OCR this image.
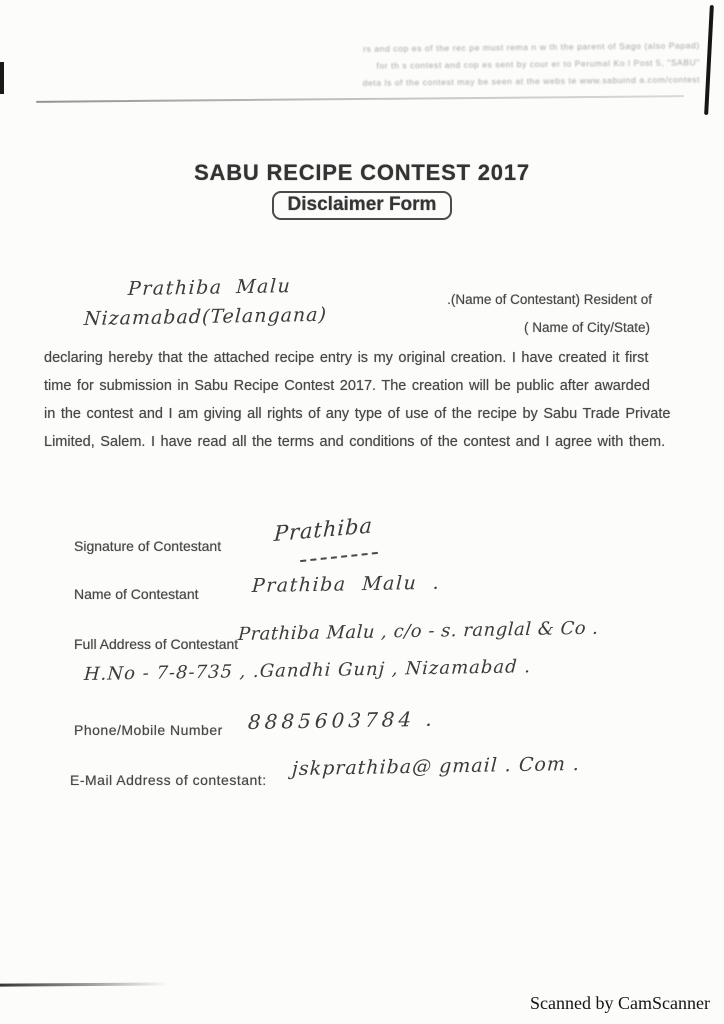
rs and cop es of the rec pe must rema n w th the parent of Sago (also Papad)
for th s contest and cop es sent by cour er to Perumal Ko l Post 5, "SABU"
deta ls of the contest may be seen at the webs te www.sabuind a.com/contest
SABU RECIPE CONTEST 2017
Disclaimer Form
Prathiba Malu	.(Name of Contestant) Resident of
Nizamabad(Telangana)	( Name of City/State)
declaring hereby that the attached recipe entry is my original creation. I have created it first
time for submission in Sabu Recipe Contest 2017. The creation will be public after awarded
in the contest and I am giving all rights of any type of use of the recipe by Sabu Trade Private
Limited, Salem. I have read all the terms and conditions of the contest and I agree with them.
Signature of Contestant Prathiba
Name of Contestant	Prathiba Malu .
Full Address of Contestant Prathiba Malu , c/o - s. ranglal & Co .
H.No - 7-8-735 , .Gandhi Gunj , Nizamabad .
Phone/Mobile Number 8885603784 .
E-Mail Address of contestant: jskprathiba@ gmail . Com .
Scanned by CamScanner
